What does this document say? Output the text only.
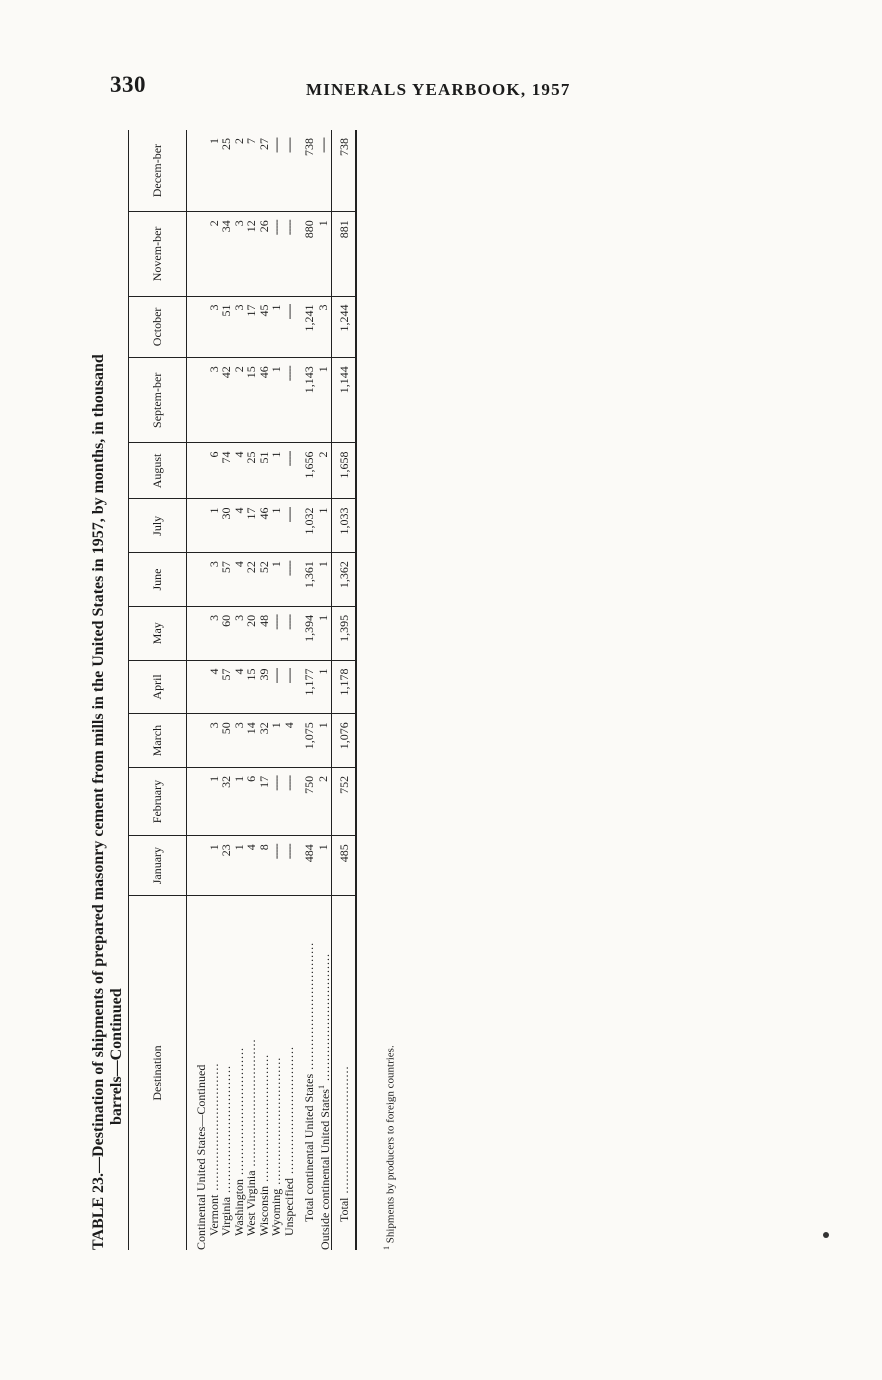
330	MINERALS YEARBOOK, 1957
TABLE 23.—Destination of shipments of prepared masonry cement from mills in the United States in 1957, by months, in thousand barrels—Continued Destination	January	February	March	April	May	June	July	August	Septem-ber	October	Novem-ber	Decem-ber

Continental United States—Continued												
Vermont .....	1	1	3	4	3	3	1	6	3	3	2	1
Virginia .....	23	32	50	57	60	57	30	74	42	51	34	25
Washington .....	1	1	3	4	3	4	4	4	2	3	3	2
West Virginia .....	4	6	14	15	20	22	17	25	15	17	12	7
Wisconsin .....	8	17	32	39	48	52	46	51	46	45	26	27
Wyoming .....	-----	-----	1	-----	-----	1	1	1	1	1	-----	-----
Unspecified .....	-----	-----	4	-----	-----	-----	-----	-----	-----	-----	-----	-----

Total continental United States .....	484	750	1,075	1,177	1,394	1,361	1,032	1,656	1,143	1,241	880	738
Outside continental United States$^1$ .....	1	2	1	1	1	1	1	2	1	3	1	-----
Total .....	485	752	1,076	1,178	1,395	1,362	1,033	1,658	1,144	1,244	881	738
$^1$ Shipments by producers to foreign countries.
